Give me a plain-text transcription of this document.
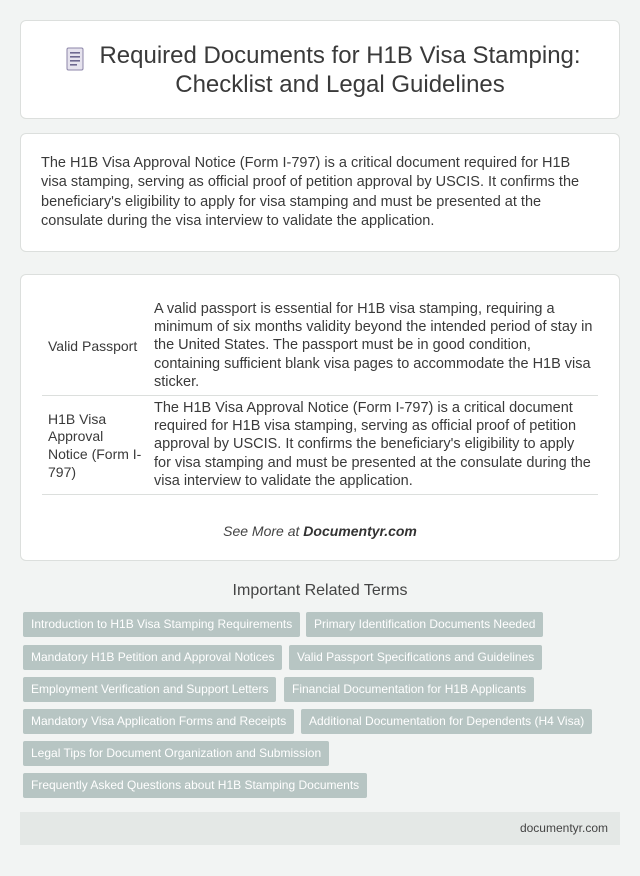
Required Documents for H1B Visa Stamping: Checklist and Legal Guidelines

The H1B Visa Approval Notice (Form I-797) is a critical document required for H1B visa stamping, serving as official proof of petition approval by USCIS. It confirms the beneficiary's eligibility to apply for visa stamping and must be presented at the consulate during the visa interview to validate the application.

Valid Passport	A valid passport is essential for H1B visa stamping, requiring a minimum of six months validity beyond the intended period of stay in the United States. The passport must be in good condition, containing sufficient blank visa pages to accommodate the H1B visa sticker.
H1B Visa Approval Notice (Form I-797)	The H1B Visa Approval Notice (Form I-797) is a critical document required for H1B visa stamping, serving as official proof of petition approval by USCIS. It confirms the beneficiary's eligibility to apply for visa stamping and must be presented at the consulate during the visa interview to validate the application.
See More at Documentyr.com
Important Related Terms
Introduction to H1B Visa Stamping Requirements	Primary Identification Documents Needed
Mandatory H1B Petition and Approval Notices	Valid Passport Specifications and Guidelines
Employment Verification and Support Letters	Financial Documentation for H1B Applicants
Mandatory Visa Application Forms and Receipts	Additional Documentation for Dependents (H4 Visa)
Legal Tips for Document Organization and Submission
Frequently Asked Questions about H1B Stamping Documents
documentyr.com
